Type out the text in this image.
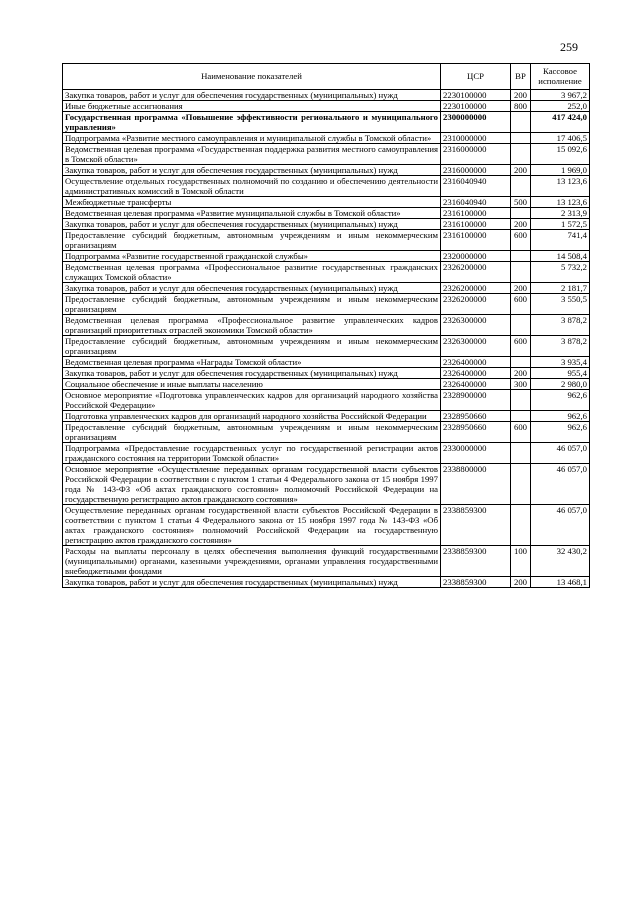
259
Наименование показателей	ЦСР	ВР	Кассовое исполнение
Закупка товаров, работ и услуг для обеспечения государственных (муниципальных) нужд	2230100000	200	3 967,2
Иные бюджетные ассигнования	2230100000	800	252,0
Государственная программа «Повышение эффективности регионального и муниципального управления»	2300000000		417 424,0
Подпрограмма «Развитие местного самоуправления и муниципальной службы в Томской области»	2310000000		17 406,5
Ведомственная целевая программа «Государственная поддержка развития местного самоуправления в Томской области»	2316000000		15 092,6
Закупка товаров, работ и услуг для обеспечения государственных (муниципальных) нужд	2316000000	200	1 969,0
Осуществление отдельных государственных полномочий по созданию и обеспечению деятельности административных комиссий в Томской области	2316040940		13 123,6
Межбюджетные трансферты	2316040940	500	13 123,6
Ведомственная целевая программа «Развитие муниципальной службы в Томской области»	2316100000		2 313,9
Закупка товаров, работ и услуг для обеспечения государственных (муниципальных) нужд	2316100000	200	1 572,5
Предоставление субсидий бюджетным, автономным учреждениям и иным некоммерческим организациям	2316100000	600	741,4
Подпрограмма «Развитие государственной гражданской службы»	2320000000		14 508,4
Ведомственная целевая программа «Профессиональное развитие государственных гражданских служащих Томской области»	2326200000		5 732,2
Закупка товаров, работ и услуг для обеспечения государственных (муниципальных) нужд	2326200000	200	2 181,7
Предоставление субсидий бюджетным, автономным учреждениям и иным некоммерческим организациям	2326200000	600	3 550,5
Ведомственная целевая программа «Профессиональное развитие управленческих кадров организаций приоритетных отраслей экономики Томской области»	2326300000		3 878,2
Предоставление субсидий бюджетным, автономным учреждениям и иным некоммерческим организациям	2326300000	600	3 878,2
Ведомственная целевая программа «Награды Томской области»	2326400000		3 935,4
Закупка товаров, работ и услуг для обеспечения государственных (муниципальных) нужд	2326400000	200	955,4
Социальное обеспечение и иные выплаты населению	2326400000	300	2 980,0
Основное мероприятие «Подготовка управленческих кадров для организаций народного хозяйства Российской Федерации»	2328900000		962,6
Подготовка управленческих кадров для организаций народного хозяйства Российской Федерации	2328950660		962,6
Предоставление субсидий бюджетным, автономным учреждениям и иным некоммерческим организациям	2328950660	600	962,6
Подпрограмма «Предоставление государственных услуг по государственной регистрации актов гражданского состояния на территории Томской области»	2330000000		46 057,0
Основное мероприятие «Осуществление переданных органам государственной власти субъектов Российской Федерации в соответствии с пунктом 1 статьи 4 Федерального закона от 15 ноября 1997 года № 143-ФЗ «Об актах гражданского состояния» полномочий Российской Федерации на государственную регистрацию актов гражданского состояния»	2338800000		46 057,0
Осуществление переданных органам государственной власти субъектов Российской Федерации в соответствии с пунктом 1 статьи 4 Федерального закона от 15 ноября 1997 года № 143-ФЗ «Об актах гражданского состояния» полномочий Российской Федерации на государственную регистрацию актов гражданского состояния»	2338859300		46 057,0
Расходы на выплаты персоналу в целях обеспечения выполнения функций государственными (муниципальными) органами, казенными учреждениями, органами управления государственными внебюджетными фондами	2338859300	100	32 430,2
Закупка товаров, работ и услуг для обеспечения государственных (муниципальных) нужд	2338859300	200	13 468,1
